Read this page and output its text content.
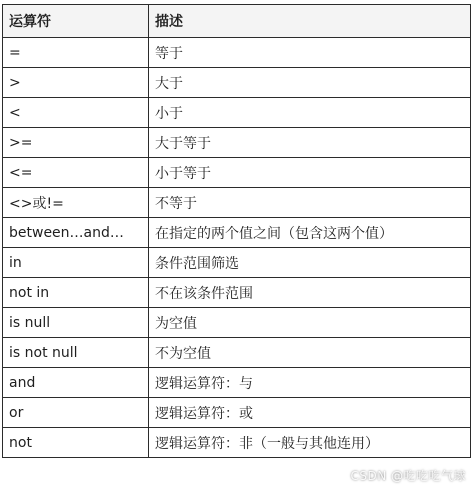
运算符	描述
=	等于
>	大于
<	小于
>=	大于等于
<=	小于等于
<>或!=	不等于
between…and…	在指定的两个值之间（包含这两个值）
in	条件范围筛选
not in	不在该条件范围
is null	为空值
is not null	不为空值
and	逻辑运算符：与
or	逻辑运算符：或
not	逻辑运算符：非（一般与其他连用）
CSDN @吃吃吃气球
